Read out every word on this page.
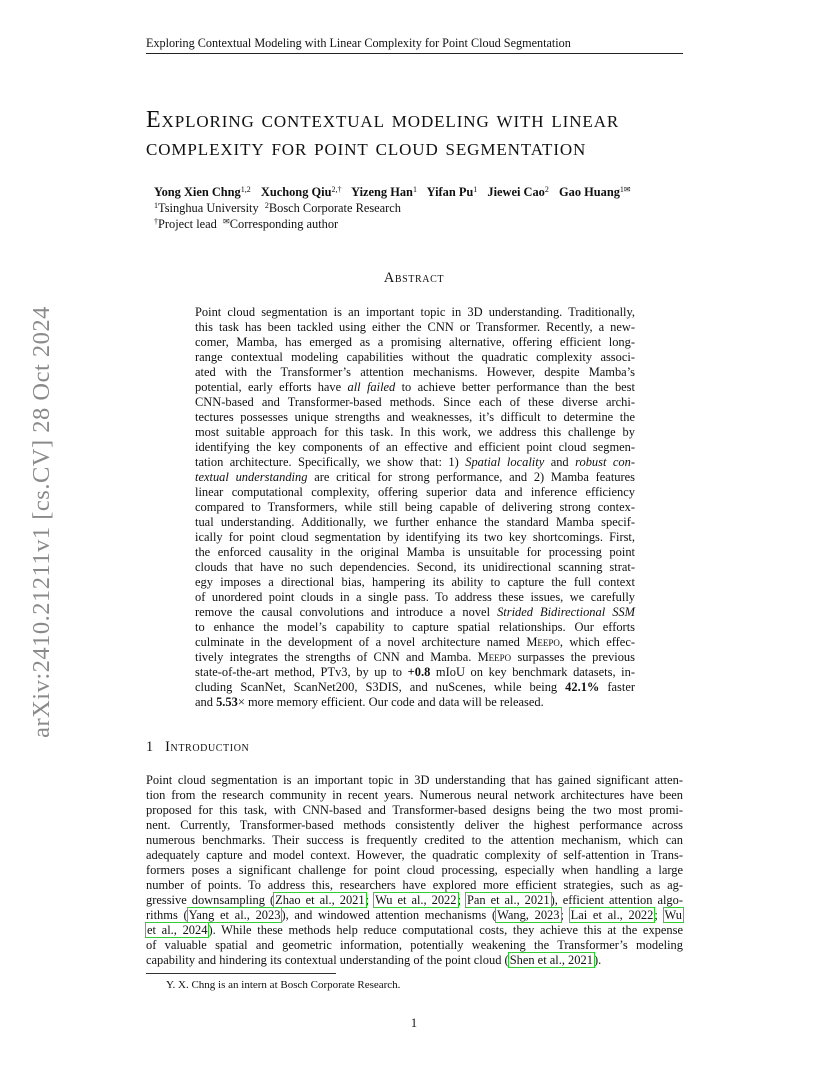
Exploring Contextual Modeling with Linear Complexity for Point Cloud Segmentation
arXiv:2410.21211v1 [cs.CV] 28 Oct 2024
Exploring contextual modeling with linear
complexity for point cloud segmentation
Yong Xien Chng$^{1,2}$ Xuchong Qiu$^{2,\dagger}$ Yizeng Han$^1$ Yifan Pu$^1$ Jiewei Cao$^2$ Gao Huang$^{1✉}$
$^1$Tsinghua University $^2$Bosch Corporate Research
†Project lead ✉Corresponding author
Abstract
Point cloud segmentation is an important topic in 3D understanding. Traditionally,
this task has been tackled using either the CNN or Transformer. Recently, a new-
comer, Mamba, has emerged as a promising alternative, offering efficient long-
range contextual modeling capabilities without the quadratic complexity associ-
ated with the Transformer’s attention mechanisms. However, despite Mamba’s
potential, early efforts have all failed to achieve better performance than the best
CNN-based and Transformer-based methods. Since each of these diverse archi-
tectures possesses unique strengths and weaknesses, it’s difficult to determine the
most suitable approach for this task. In this work, we address this challenge by
identifying the key components of an effective and efficient point cloud segmen-
tation architecture. Specifically, we show that: 1) Spatial locality and robust con-
textual understanding are critical for strong performance, and 2) Mamba features
linear computational complexity, offering superior data and inference efficiency
compared to Transformers, while still being capable of delivering strong contex-
tual understanding. Additionally, we further enhance the standard Mamba specif-
ically for point cloud segmentation by identifying its two key shortcomings. First,
the enforced causality in the original Mamba is unsuitable for processing point
clouds that have no such dependencies. Second, its unidirectional scanning strat-
egy imposes a directional bias, hampering its ability to capture the full context
of unordered point clouds in a single pass. To address these issues, we carefully
remove the causal convolutions and introduce a novel Strided Bidirectional SSM
to enhance the model’s capability to capture spatial relationships. Our efforts
culminate in the development of a novel architecture named Meepo, which effec-
tively integrates the strengths of CNN and Mamba. Meepo surpasses the previous
state-of-the-art method, PTv3, by up to +0.8 mIoU on key benchmark datasets, in-
cluding ScanNet, ScanNet200, S3DIS, and nuScenes, while being 42.1% faster
and 5.53× more memory efficient. Our code and data will be released.
1 Introduction
Point cloud segmentation is an important topic in 3D understanding that has gained significant atten-
tion from the research community in recent years. Numerous neural network architectures have been
proposed for this task, with CNN-based and Transformer-based designs being the two most promi-
nent. Currently, Transformer-based methods consistently deliver the highest performance across
numerous benchmarks. Their success is frequently credited to the attention mechanism, which can
adequately capture and model context. However, the quadratic complexity of self-attention in Trans-
formers poses a significant challenge for point cloud processing, especially when handling a large
number of points. To address this, researchers have explored more efficient strategies, such as ag-
gressive downsampling (Zhao et al., 2021; Wu et al., 2022; Pan et al., 2021), efficient attention algo-
rithms (Yang et al., 2023), and windowed attention mechanisms (Wang, 2023; Lai et al., 2022; Wu
et al., 2024). While these methods help reduce computational costs, they achieve this at the expense
of valuable spatial and geometric information, potentially weakening the Transformer’s modeling
capability and hindering its contextual understanding of the point cloud (Shen et al., 2021).
Y. X. Chng is an intern at Bosch Corporate Research.
1
